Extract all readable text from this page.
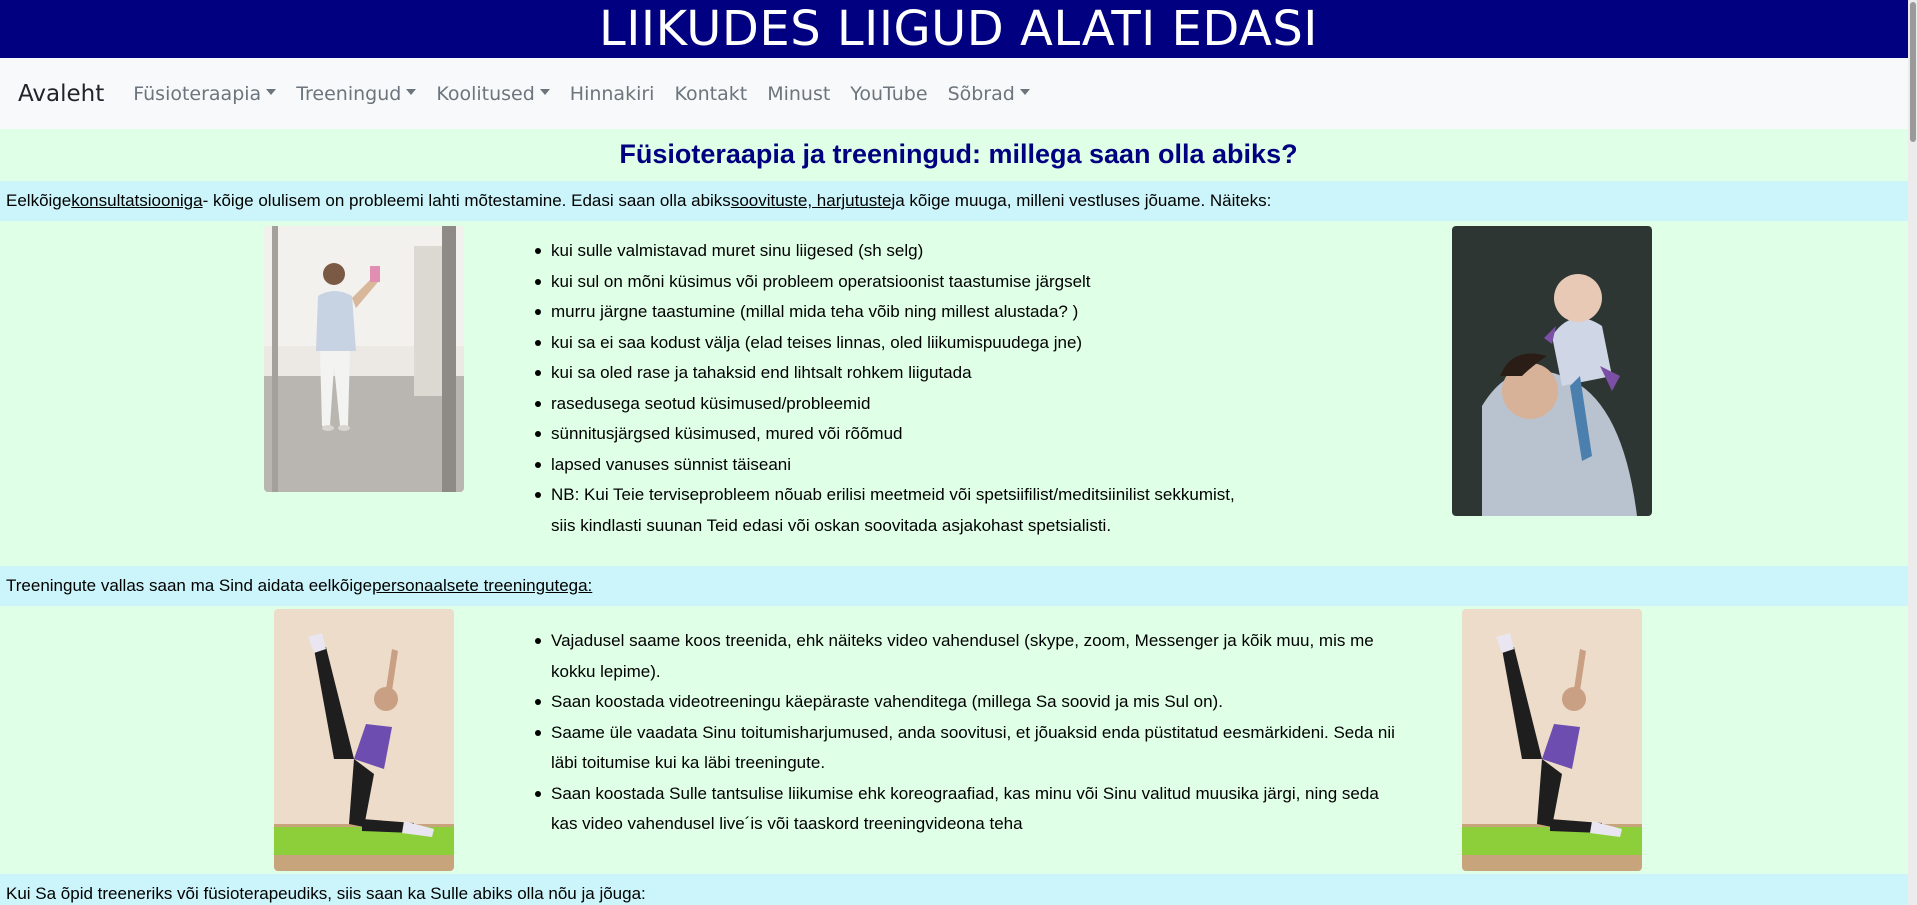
LIIKUDES LIIGUD ALATI EDASI
Avaleht Füsioteraapia Treeningud Koolitused Hinnakiri Kontakt Minust YouTube Sõbrad
Füsioteraapia ja treeningud: millega saan olla abiks?
Eelkõige konsultatsiooniga - kõige olulisem on probleemi lahti mõtestamine. Edasi saan olla abiks soovituste, harjutuste ja kõige muuga, milleni vestluses jõuame. Näiteks:
kui sulle valmistavad muret sinu liigesed (sh selg)
kui sul on mõni küsimus või probleem operatsioonist taastumise järgselt
murru järgne taastumine (millal mida teha võib ning millest alustada? )
kui sa ei saa kodust välja (elad teises linnas, oled liikumispuudega jne)
kui sa oled rase ja tahaksid end lihtsalt rohkem liigutada
rasedusega seotud küsimused/probleemid
sünnitusjärgsed küsimused, mured või rõõmud
lapsed vanuses sünnist täiseani
NB: Kui Teie terviseprobleem nõuab erilisi meetmeid või spetsiifilist/meditsiinilist sekkumist, siis kindlasti suunan Teid edasi või oskan soovitada asjakohast spetsialisti.
Treeningute vallas saan ma Sind aidata eelkõige personaalsete treeningutega:
Vajadusel saame koos treenida, ehk näiteks video vahendusel (skype, zoom, Messenger ja kõik muu, mis me kokku lepime).
Saan koostada videotreeningu käepäraste vahenditega (millega Sa soovid ja mis Sul on).
Saame üle vaadata Sinu toitumisharjumused, anda soovitusi, et jõuaksid enda püstitatud eesmärkideni. Seda nii läbi toitumise kui ka läbi treeningute.
Saan koostada Sulle tantsulise liikumise ehk koreograafiad, kas minu või Sinu valitud muusika järgi, ning seda kas video vahendusel live´is või taaskord treeningvideona teha
Kui Sa õpid treeneriks või füsioterapeudiks, siis saan ka Sulle abiks olla nõu ja jõuga:
